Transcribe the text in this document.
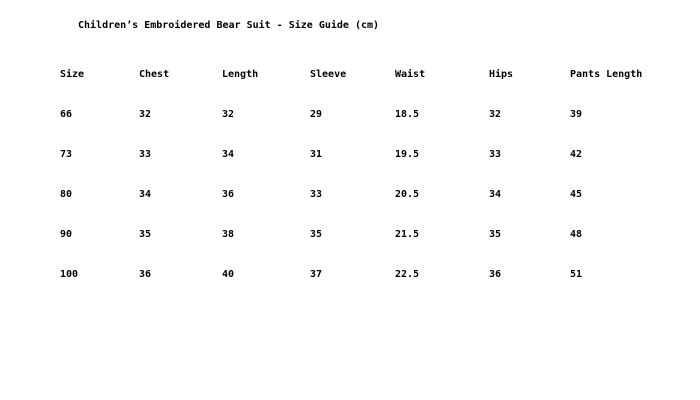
Children’s Embroidered Bear Suit - Size Guide (cm)
Size	Chest	Length	Sleeve	Waist	Hips	Pants Length
66	32	32	29	18.5	32	39
73	33	34	31	19.5	33	42
80	34	36	33	20.5	34	45
90	35	38	35	21.5	35	48
100	36	40	37	22.5	36	51
